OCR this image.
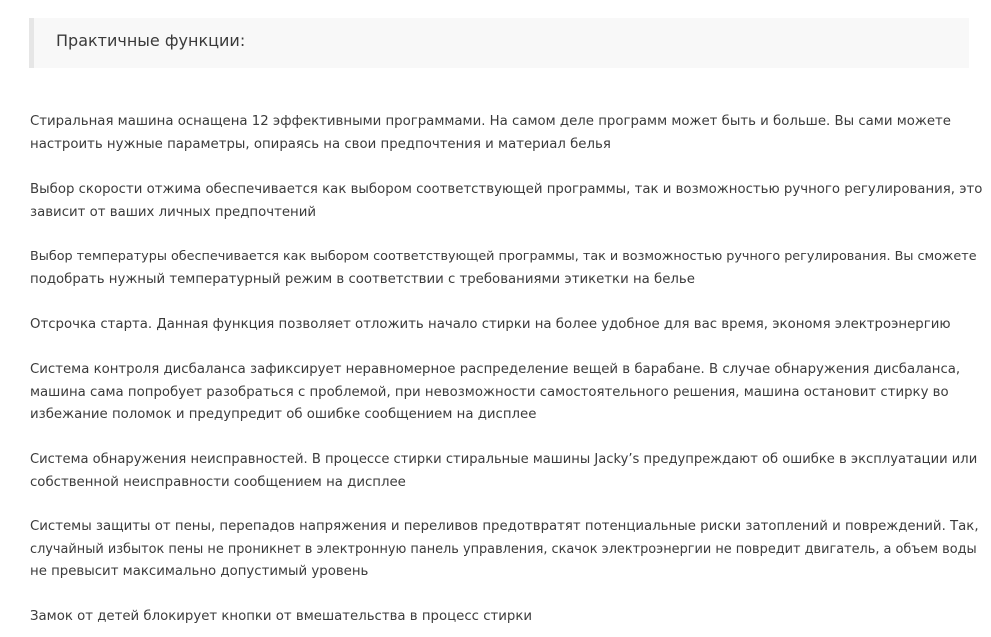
Практичные функции:

Стиральная машина оснащена 12 эффективными программами. На самом деле программ может быть и больше. Вы сами можете
настроить нужные параметры, опираясь на свои предпочтения и материал белья

Выбор скорости отжима обеспечивается как выбором соответствующей программы, так и возможностью ручного регулирования, это
зависит от ваших личных предпочтений

Выбор температуры обеспечивается как выбором соответствующей программы, так и возможностью ручного регулирования. Вы сможете
подобрать нужный температурный режим в соответствии с требованиями этикетки на белье

Отсрочка старта. Данная функция позволяет отложить начало стирки на более удобное для вас время, экономя электроэнергию

Система контроля дисбаланса зафиксирует неравномерное распределение вещей в барабане. В случае обнаружения дисбаланса,
машина сама попробует разобраться с проблемой, при невозможности самостоятельного решения, машина остановит стирку во
избежание поломок и предупредит об ошибке сообщением на дисплее

Система обнаружения неисправностей. В процессе стирки стиральные машины Jacky’s предупреждают об ошибке в эксплуатации или
собственной неисправности сообщением на дисплее

Системы защиты от пены, перепадов напряжения и переливов предотвратят потенциальные риски затоплений и повреждений. Так,
случайный избыток пены не проникнет в электронную панель управления, скачок электроэнергии не повредит двигатель, а объем воды
не превысит максимально допустимый уровень

Замок от детей блокирует кнопки от вмешательства в процесс стирки
